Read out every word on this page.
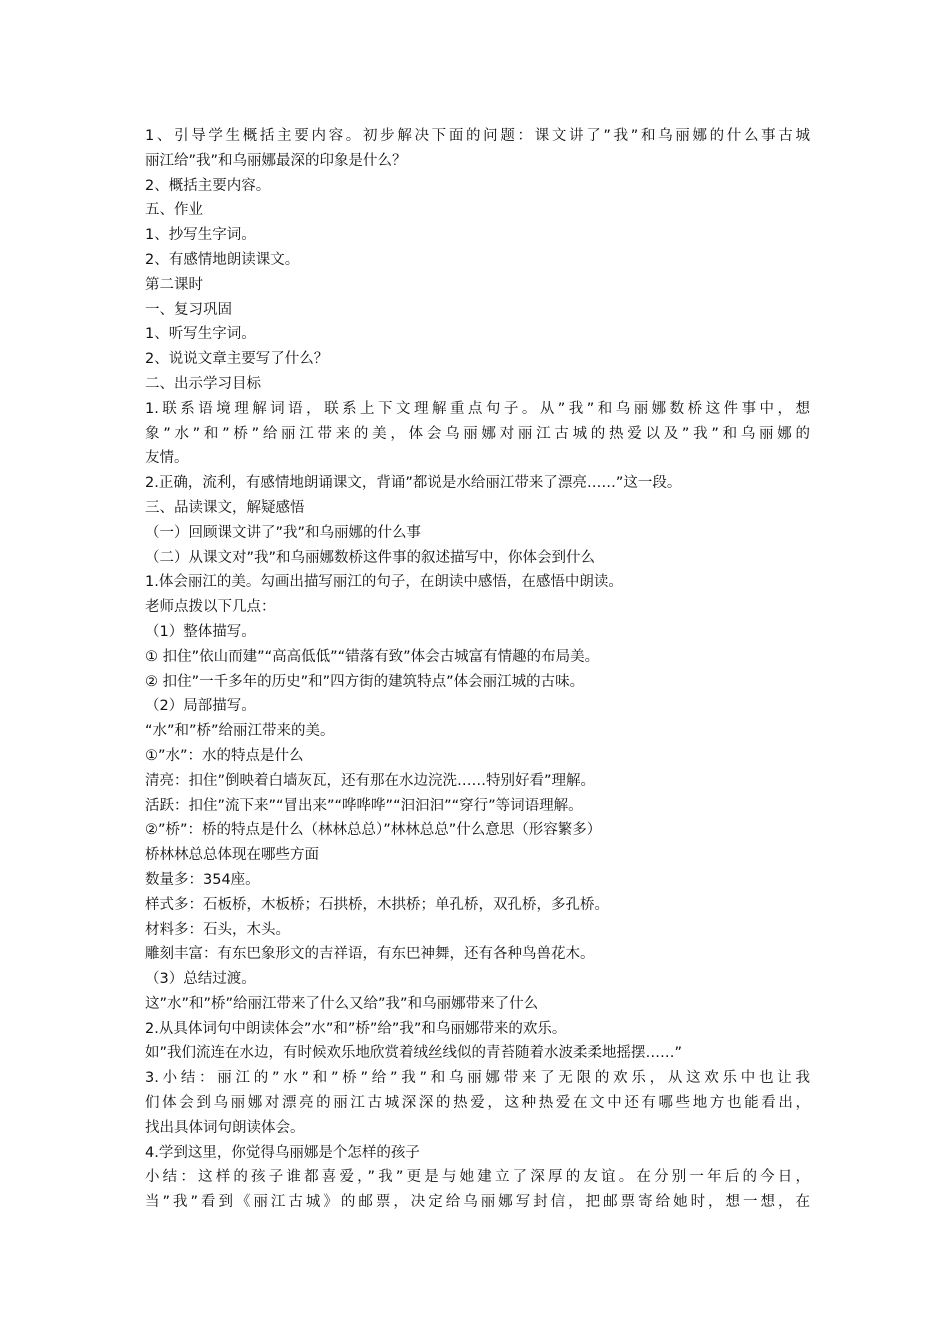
1、引导学生概括主要内容。初步解决下面的问题：课文讲了”我”和乌丽娜的什么事古城
丽江给”我”和乌丽娜最深的印象是什么？
2、概括主要内容。
五、作业
1、抄写生字词。
2、有感情地朗读课文。
第二课时
一、复习巩固
1、听写生字词。
2、说说文章主要写了什么？
二、出示学习目标
1.联系语境理解词语，联系上下文理解重点句子。从”我”和乌丽娜数桥这件事中，想
象”水”和”桥”给丽江带来的美，体会乌丽娜对丽江古城的热爱以及”我”和乌丽娜的
友情。
2.正确，流利，有感情地朗诵课文，背诵”都说是水给丽江带来了漂亮……”这一段。
三、品读课文，解疑感悟
（一）回顾课文讲了”我”和乌丽娜的什么事
（二）从课文对”我”和乌丽娜数桥这件事的叙述描写中，你体会到什么
1.体会丽江的美。勾画出描写丽江的句子，在朗读中感悟，在感悟中朗读。
老师点拨以下几点：
（1）整体描写。
① 扣住”依山而建”“高高低低”“错落有致”体会古城富有情趣的布局美。
② 扣住”一千多年的历史”和”四方街的建筑特点”体会丽江城的古味。
（2）局部描写。
“水”和”桥”给丽江带来的美。
①”水”：水的特点是什么
清亮：扣住”倒映着白墙灰瓦，还有那在水边浣洗……特别好看”理解。
活跃：扣住”流下来”“冒出来”“哗哗哗”“汩汩汩”“穿行”等词语理解。
②”桥”：桥的特点是什么（林林总总）”林林总总”什么意思（形容繁多）
桥林林总总体现在哪些方面
数量多：354座。
样式多：石板桥，木板桥；石拱桥，木拱桥；单孔桥，双孔桥，多孔桥。
材料多：石头，木头。
雕刻丰富：有东巴象形文的吉祥语，有东巴神舞，还有各种鸟兽花木。
（3）总结过渡。
这”水”和”桥”给丽江带来了什么又给”我”和乌丽娜带来了什么
2.从具体词句中朗读体会”水”和”桥”给”我”和乌丽娜带来的欢乐。
如”我们流连在水边，有时候欢乐地欣赏着绒丝线似的青苔随着水波柔柔地摇摆……”
3.小结：丽江的”水”和”桥”给”我”和乌丽娜带来了无限的欢乐，从这欢乐中也让我
们体会到乌丽娜对漂亮的丽江古城深深的热爱，这种热爱在文中还有哪些地方也能看出，
找出具体词句朗读体会。
4.学到这里，你觉得乌丽娜是个怎样的孩子
小结：这样的孩子谁都喜爱，”我”更是与她建立了深厚的友谊。在分别一年后的今日，
当”我”看到《丽江古城》的邮票，决定给乌丽娜写封信，把邮票寄给她时，想一想，在
